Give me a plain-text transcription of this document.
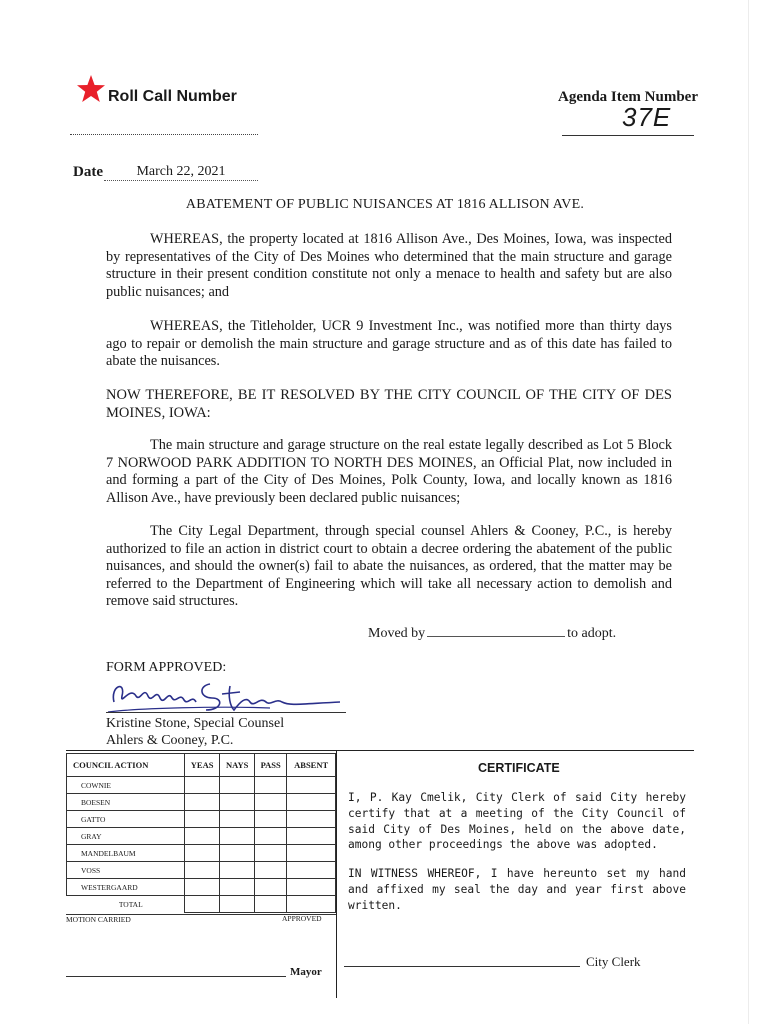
Roll Call Number	Agenda Item Number
37E
Date	March 22, 2021
ABATEMENT OF PUBLIC NUISANCES AT 1816 ALLISON AVE.
WHEREAS, the property located at 1816 Allison Ave., Des Moines, Iowa, was inspected by representatives of the City of Des Moines who determined that the main structure and garage structure in their present condition constitute not only a menace to health and safety but are also public nuisances; and
WHEREAS, the Titleholder, UCR 9 Investment Inc., was notified more than thirty days ago to repair or demolish the main structure and garage structure and as of this date has failed to abate the nuisances.
NOW THEREFORE, BE IT RESOLVED BY THE CITY COUNCIL OF THE CITY OF DES MOINES, IOWA:
The main structure and garage structure on the real estate legally described as Lot 5 Block 7 NORWOOD PARK ADDITION TO NORTH DES MOINES, an Official Plat, now included in and forming a part of the City of Des Moines, Polk County, Iowa, and locally known as 1816 Allison Ave., have previously been declared public nuisances;
The City Legal Department, through special counsel Ahlers & Cooney, P.C., is hereby authorized to file an action in district court to obtain a decree ordering the abatement of the public nuisances, and should the owner(s) fail to abate the nuisances, as ordered, that the matter may be referred to the Department of Engineering which will take all necessary action to demolish and remove said structures.
Moved by	to adopt.
FORM APPROVED:
Kristine Stone, Special Counsel
Ahlers & Cooney, P.C.
COUNCIL ACTION	YEAS	NAYS	PASS	ABSENT
COWNIE				
BOESEN				
GATTO				
GRAY				
MANDELBAUM				
VOSS				
WESTERGAARD				
TOTAL				
MOTION CARRIED	APPROVED
Mayor
CERTIFICATE
I, P. Kay Cmelik, City Clerk of said City hereby certify that at a meeting of the City Council of said City of Des Moines, held on the above date, among other proceedings the above was adopted.
IN WITNESS WHEREOF, I have hereunto set my hand and affixed my seal the day and year first above written.
City Clerk
